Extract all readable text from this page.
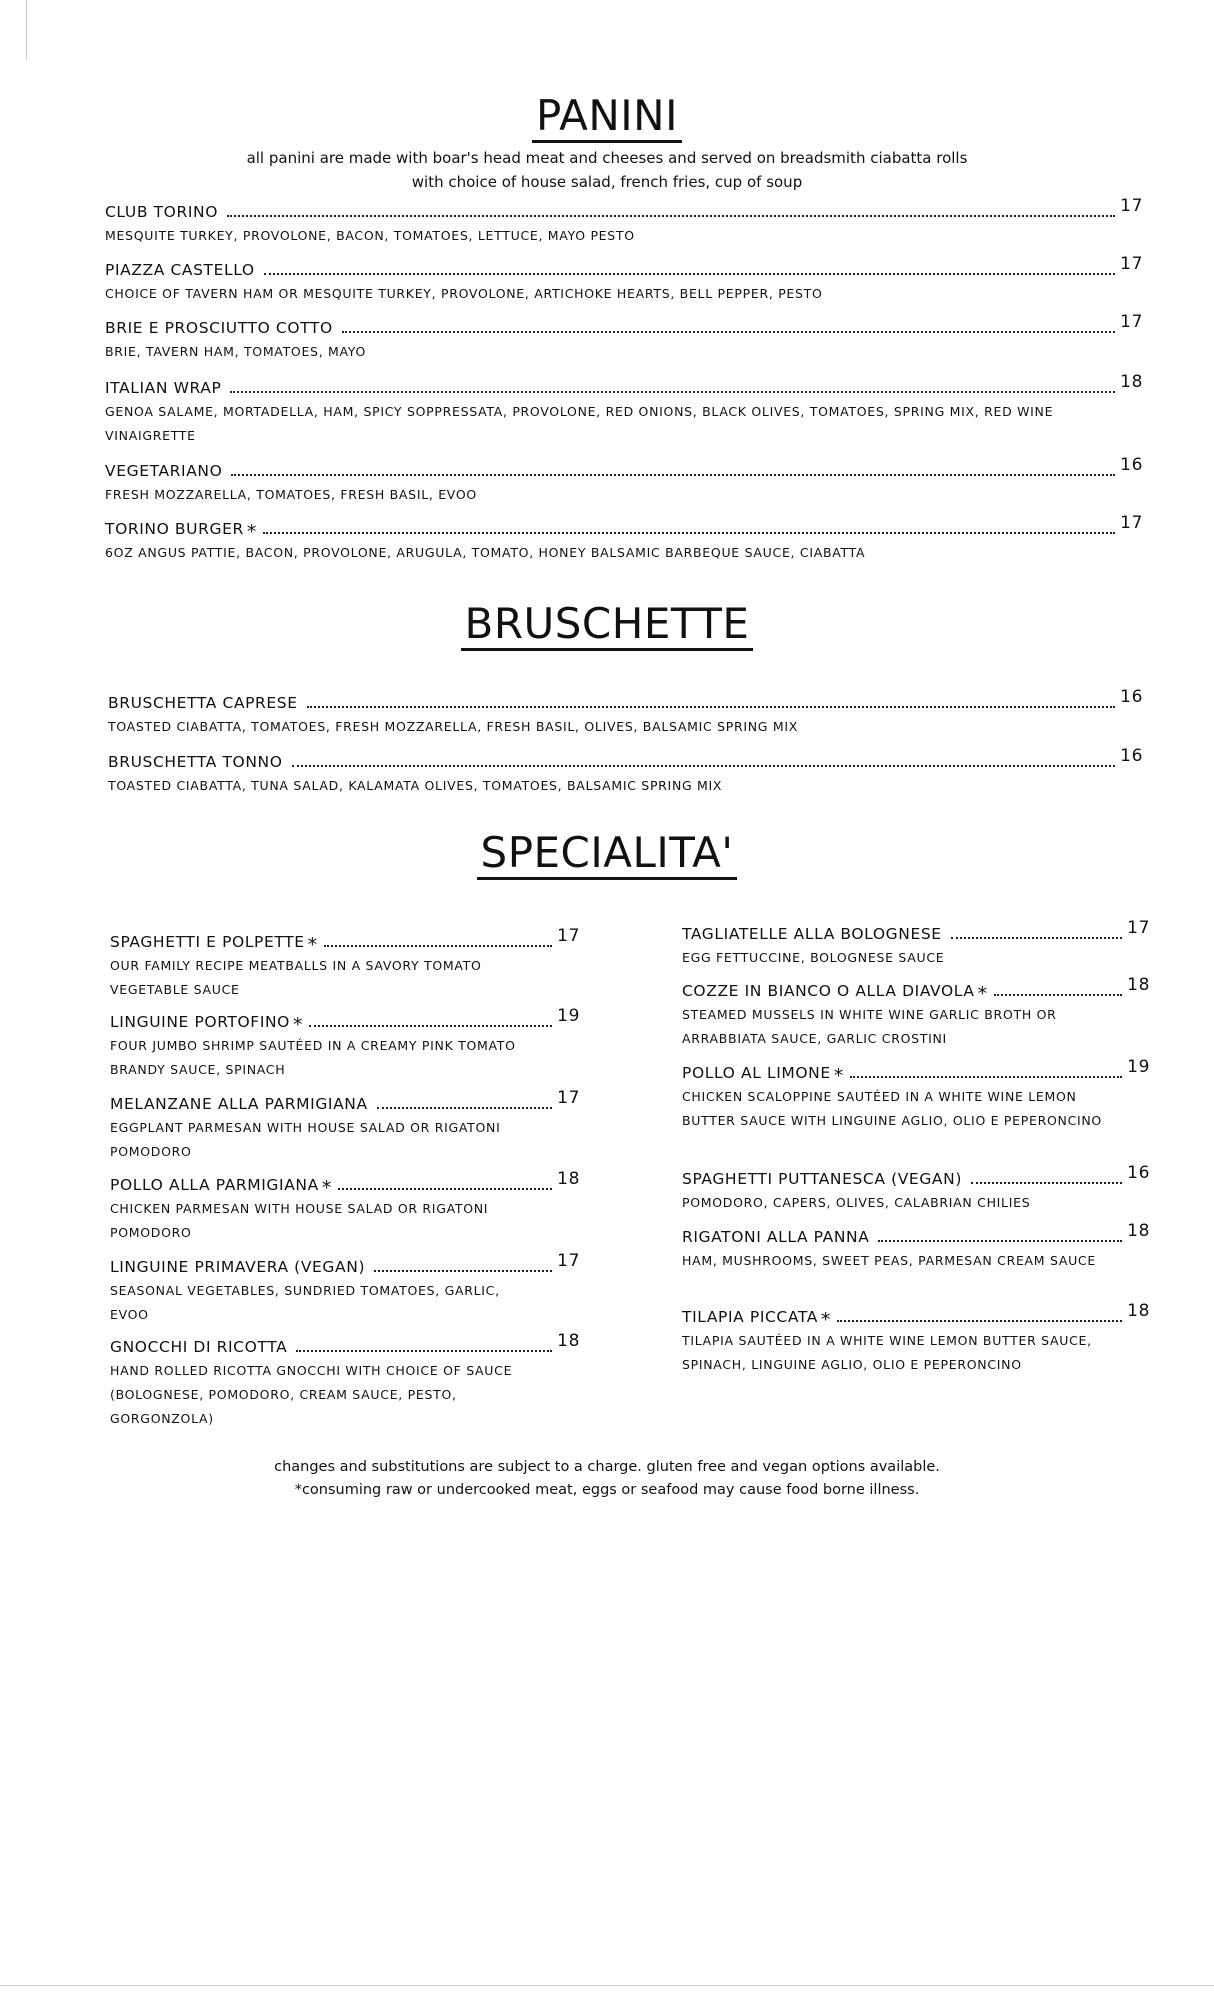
PANINI
all panini are made with boar's head meat and cheeses and served on breadsmith ciabatta rolls
with choice of house salad, french fries, cup of soup
CLUB TORINO	17
MESQUITE TURKEY, PROVOLONE, BACON, TOMATOES, LETTUCE, MAYO PESTO
PIAZZA CASTELLO	17
CHOICE OF TAVERN HAM OR MESQUITE TURKEY, PROVOLONE, ARTICHOKE HEARTS, BELL PEPPER, PESTO
BRIE E PROSCIUTTO COTTO	17
BRIE, TAVERN HAM, TOMATOES, MAYO
ITALIAN WRAP	18
GENOA SALAME, MORTADELLA, HAM, SPICY SOPPRESSATA, PROVOLONE, RED ONIONS, BLACK OLIVES, TOMATOES, SPRING MIX, RED WINE VINAIGRETTE
VEGETARIANO	16
FRESH MOZZARELLA, TOMATOES, FRESH BASIL, EVOO
TORINO BURGER *	17
6OZ ANGUS PATTIE, BACON, PROVOLONE, ARUGULA, TOMATO, HONEY BALSAMIC BARBEQUE SAUCE, CIABATTA
BRUSCHETTE
BRUSCHETTA CAPRESE	16
TOASTED CIABATTA, TOMATOES, FRESH MOZZARELLA, FRESH BASIL, OLIVES, BALSAMIC SPRING MIX
BRUSCHETTA TONNO	16
TOASTED CIABATTA, TUNA SALAD, KALAMATA OLIVES, TOMATOES, BALSAMIC SPRING MIX
SPECIALITA'
SPAGHETTI E POLPETTE *	17
OUR FAMILY RECIPE MEATBALLS IN A SAVORY TOMATO VEGETABLE SAUCE
LINGUINE PORTOFINO *	19
FOUR JUMBO SHRIMP SAUTÉED IN A CREAMY PINK TOMATO BRANDY SAUCE, SPINACH
MELANZANE ALLA PARMIGIANA	17
EGGPLANT PARMESAN WITH HOUSE SALAD OR RIGATONI POMODORO
POLLO ALLA PARMIGIANA *	18
CHICKEN PARMESAN WITH HOUSE SALAD OR RIGATONI POMODORO
LINGUINE PRIMAVERA (VEGAN)	17
SEASONAL VEGETABLES, SUNDRIED TOMATOES, GARLIC, EVOO
GNOCCHI DI RICOTTA	18
HAND ROLLED RICOTTA GNOCCHI WITH CHOICE OF SAUCE (BOLOGNESE, POMODORO, CREAM SAUCE, PESTO, GORGONZOLA)
TAGLIATELLE ALLA BOLOGNESE	17
EGG FETTUCCINE, BOLOGNESE SAUCE
COZZE IN BIANCO O ALLA DIAVOLA *	18
STEAMED MUSSELS IN WHITE WINE GARLIC BROTH OR ARRABBIATA SAUCE, GARLIC CROSTINI
POLLO AL LIMONE *	19
CHICKEN SCALOPPINE SAUTÉED IN A WHITE WINE LEMON BUTTER SAUCE WITH LINGUINE AGLIO, OLIO E PEPERONCINO
SPAGHETTI PUTTANESCA (VEGAN)	16
POMODORO, CAPERS, OLIVES, CALABRIAN CHILIES
RIGATONI ALLA PANNA	18
HAM, MUSHROOMS, SWEET PEAS, PARMESAN CREAM SAUCE
TILAPIA PICCATA *	18
TILAPIA SAUTÉED IN A WHITE WINE LEMON BUTTER SAUCE, SPINACH, LINGUINE AGLIO, OLIO E PEPERONCINO
changes and substitutions are subject to a charge. gluten free and vegan options available.
*consuming raw or undercooked meat, eggs or seafood may cause food borne illness.
